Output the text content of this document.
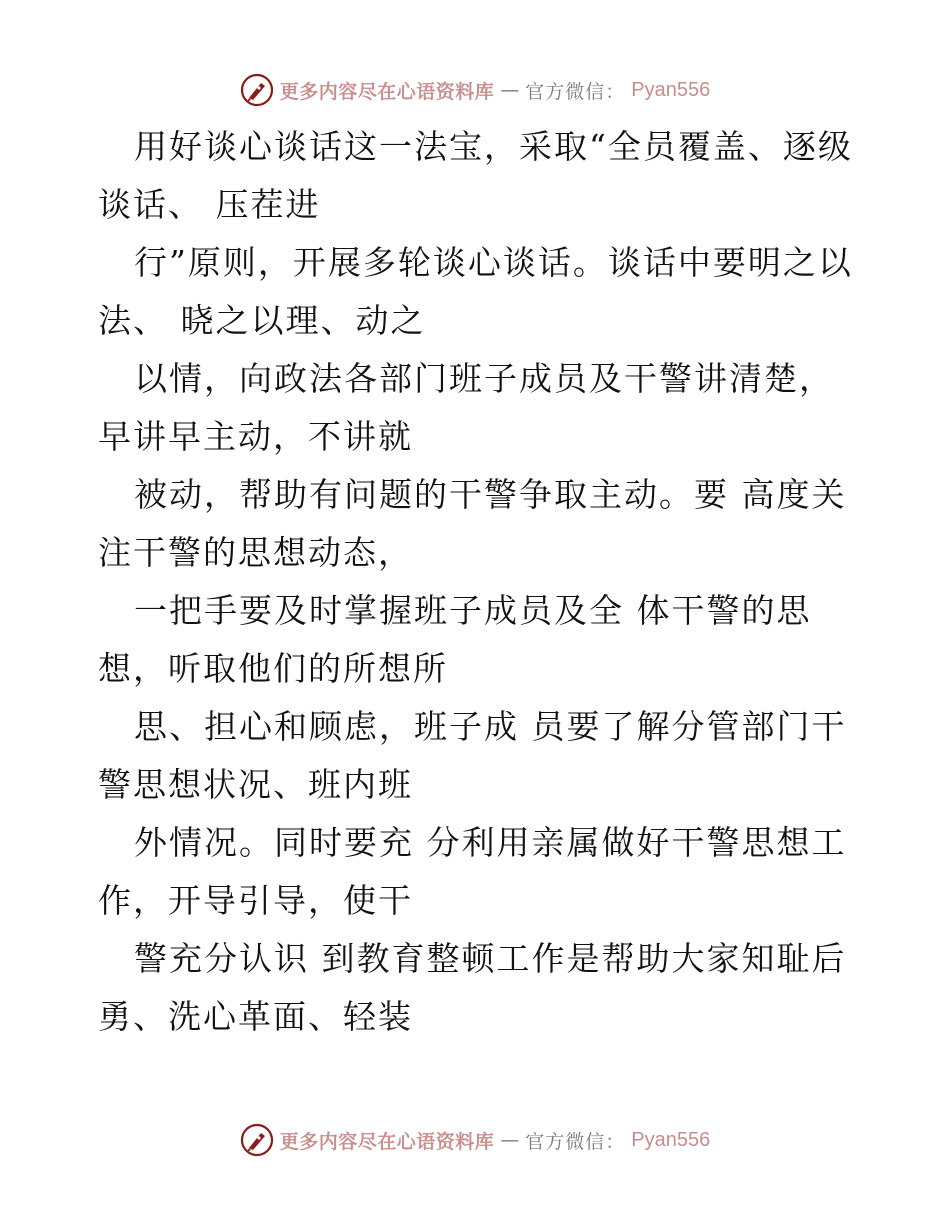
更多内容尽在心语资料库 — 官方微信： Pyan556
用好谈心谈话这一法宝，采取“全员覆盖、逐级
谈话、 压茬进
行”原则，开展多轮谈心谈话。谈话中要明之以
法、 晓之以理、动之
以情，向政法各部门班子成员及干警讲清楚，
早讲早主动，不讲就
被动，帮助有问题的干警争取主动。要 高度关
注干警的思想动态，
一把手要及时掌握班子成员及全 体干警的思
想，听取他们的所想所
思、担心和顾虑，班子成 员要了解分管部门干
警思想状况、班内班
外情况。同时要充 分利用亲属做好干警思想工
作，开导引导，使干
警充分认识 到教育整顿工作是帮助大家知耻后
勇、洗心革面、轻装
更多内容尽在心语资料库 — 官方微信： Pyan556
